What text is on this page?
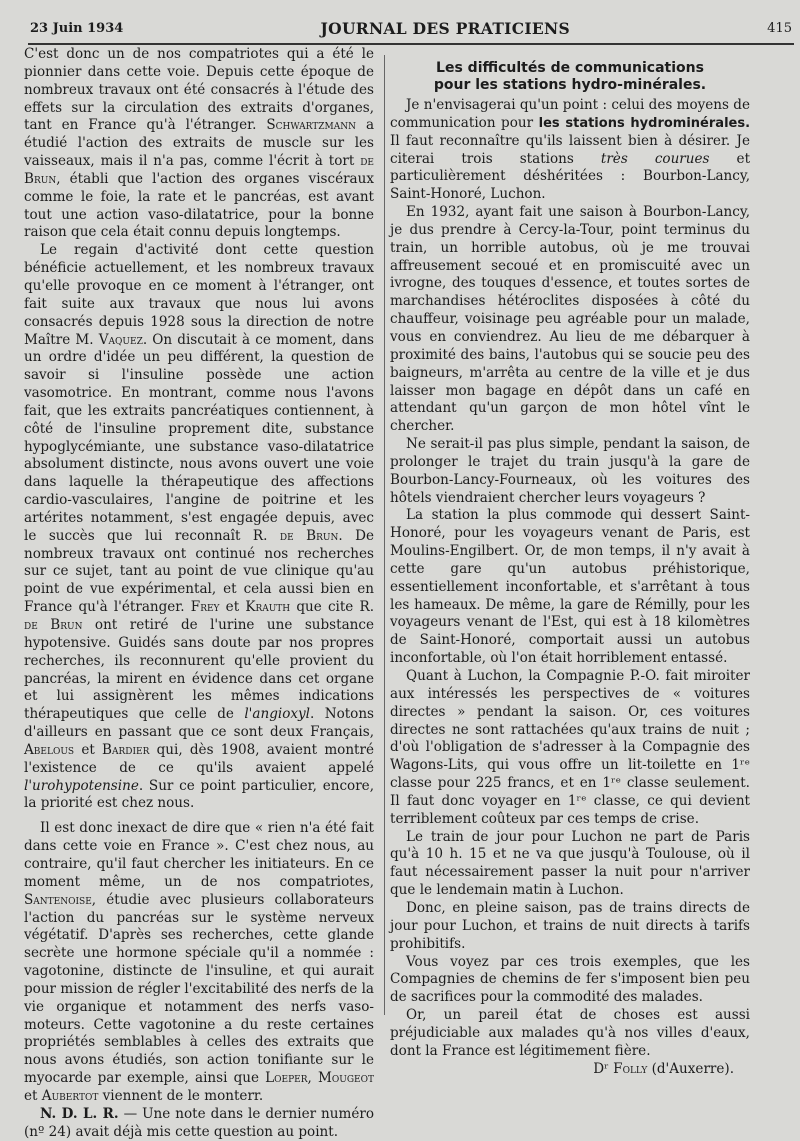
23 Juin 1934	JOURNAL DES PRATICIENS	415

C'est donc un de nos compatriotes qui a été le pionnier dans cette voie. Depuis cette époque de nombreux travaux ont été consacrés à l'étude des effets sur la circulation des extraits d'organes, tant en France qu'à l'étranger. Schwartzmann a étudié l'action des extraits de muscle sur les vaisseaux, mais il n'a pas, comme l'écrit à tort de Brun, établi que l'action des organes viscéraux comme le foie, la rate et le pancréas, est avant tout une action vaso-dilatatrice, pour la bonne raison que cela était connu depuis longtemps.

Le regain d'activité dont cette question bénéficie actuellement, et les nombreux travaux qu'elle provoque en ce moment à l'étranger, ont fait suite aux travaux que nous lui avons consacrés depuis 1928 sous la direction de notre Maître M. Vaquez. On discutait à ce moment, dans un ordre d'idée un peu différent, la question de savoir si l'insuline possède une action vasomotrice. En montrant, comme nous l'avons fait, que les extraits pancréatiques contiennent, à côté de l'insuline proprement dite, substance hypoglycémiante, une substance vaso-dilatatrice absolument distincte, nous avons ouvert une voie dans laquelle la thérapeutique des affections cardio-vasculaires, l'angine de poitrine et les artérites notamment, s'est engagée depuis, avec le succès que lui reconnaît R. de Brun. De nombreux travaux ont continué nos recherches sur ce sujet, tant au point de vue clinique qu'au point de vue expérimental, et cela aussi bien en France qu'à l'étranger. Frey et Krauth que cite R. de Brun ont retiré de l'urine une substance hypotensive. Guidés sans doute par nos propres recherches, ils reconnurent qu'elle provient du pancréas, la mirent en évidence dans cet organe et lui assignèrent les mêmes indications thérapeutiques que celle de l'angioxyl. Notons d'ailleurs en passant que ce sont deux Français, Abelous et Bardier qui, dès 1908, avaient montré l'existence de ce qu'ils avaient appelé l'urohypotensine. Sur ce point particulier, encore, la priorité est chez nous.

Il est donc inexact de dire que « rien n'a été fait dans cette voie en France ». C'est chez nous, au contraire, qu'il faut chercher les initiateurs. En ce moment même, un de nos compatriotes, Santenoise, étudie avec plusieurs collaborateurs l'action du pancréas sur le système nerveux végétatif. D'après ses recherches, cette glande secrète une hormone spéciale qu'il a nommée : vagotonine, distincte de l'insuline, et qui aurait pour mission de régler l'excitabilité des nerfs de la vie organique et notamment des nerfs vaso-moteurs. Cette vagotonine a du reste certaines propriétés semblables à celles des extraits que nous avons étudiés, son action tonifiante sur le myocarde par exemple, ainsi que Loeper, Mougeot et Aubertot viennent de le monterr.

N. D. L. R. — Une note dans le dernier numéro (nº 24) avait déjà mis cette question au point.

Les difficultés de communications
pour les stations hydro-minérales.

Je n'envisagerai qu'un point : celui des moyens de communication pour les stations hydrominérales. Il faut reconnaître qu'ils laissent bien à désirer. Je citerai trois stations très courues et particulièrement déshéritées : Bourbon-Lancy, Saint-Honoré, Luchon.

En 1932, ayant fait une saison à Bourbon-Lancy, je dus prendre à Cercy-la-Tour, point terminus du train, un horrible autobus, où je me trouvai affreusement secoué et en promiscuité avec un ivrogne, des touques d'essence, et toutes sortes de marchandises hétéroclites disposées à côté du chauffeur, voisinage peu agréable pour un malade, vous en conviendrez. Au lieu de me débarquer à proximité des bains, l'autobus qui se soucie peu des baigneurs, m'arrêta au centre de la ville et je dus laisser mon bagage en dépôt dans un café en attendant qu'un garçon de mon hôtel vînt le chercher.

Ne serait-il pas plus simple, pendant la saison, de prolonger le trajet du train jusqu'à la gare de Bourbon-Lancy-Fourneaux, où les voitures des hôtels viendraient chercher leurs voyageurs ?

La station la plus commode qui dessert Saint-Honoré, pour les voyageurs venant de Paris, est Moulins-Engilbert. Or, de mon temps, il n'y avait à cette gare qu'un autobus préhistorique, essentiellement inconfortable, et s'arrêtant à tous les hameaux. De même, la gare de Rémilly, pour les voyageurs venant de l'Est, qui est à 18 kilomètres de Saint-Honoré, comportait aussi un autobus inconfortable, où l'on était horriblement entassé.

Quant à Luchon, la Compagnie P.-O. fait miroiter aux intéressés les perspectives de « voitures directes » pendant la saison. Or, ces voitures directes ne sont rattachées qu'aux trains de nuit ; d'où l'obligation de s'adresser à la Compagnie des Wagons-Lits, qui vous offre un lit-toilette en 1ʳᵉ classe pour 225 francs, et en 1ʳᵉ classe seulement. Il faut donc voyager en 1ʳᵉ classe, ce qui devient terriblement coûteux par ces temps de crise.

Le train de jour pour Luchon ne part de Paris qu'à 10 h. 15 et ne va que jusqu'à Toulouse, où il faut nécessairement passer la nuit pour n'arriver que le lendemain matin à Luchon.

Donc, en pleine saison, pas de trains directs de jour pour Luchon, et trains de nuit directs à tarifs prohibitifs.

Vous voyez par ces trois exemples, que les Compagnies de chemins de fer s'imposent bien peu de sacrifices pour la commodité des malades.

Or, un pareil état de choses est aussi préjudiciable aux malades qu'à nos villes d'eaux, dont la France est légitimement fière.

Dʳ Folly (d'Auxerre).
